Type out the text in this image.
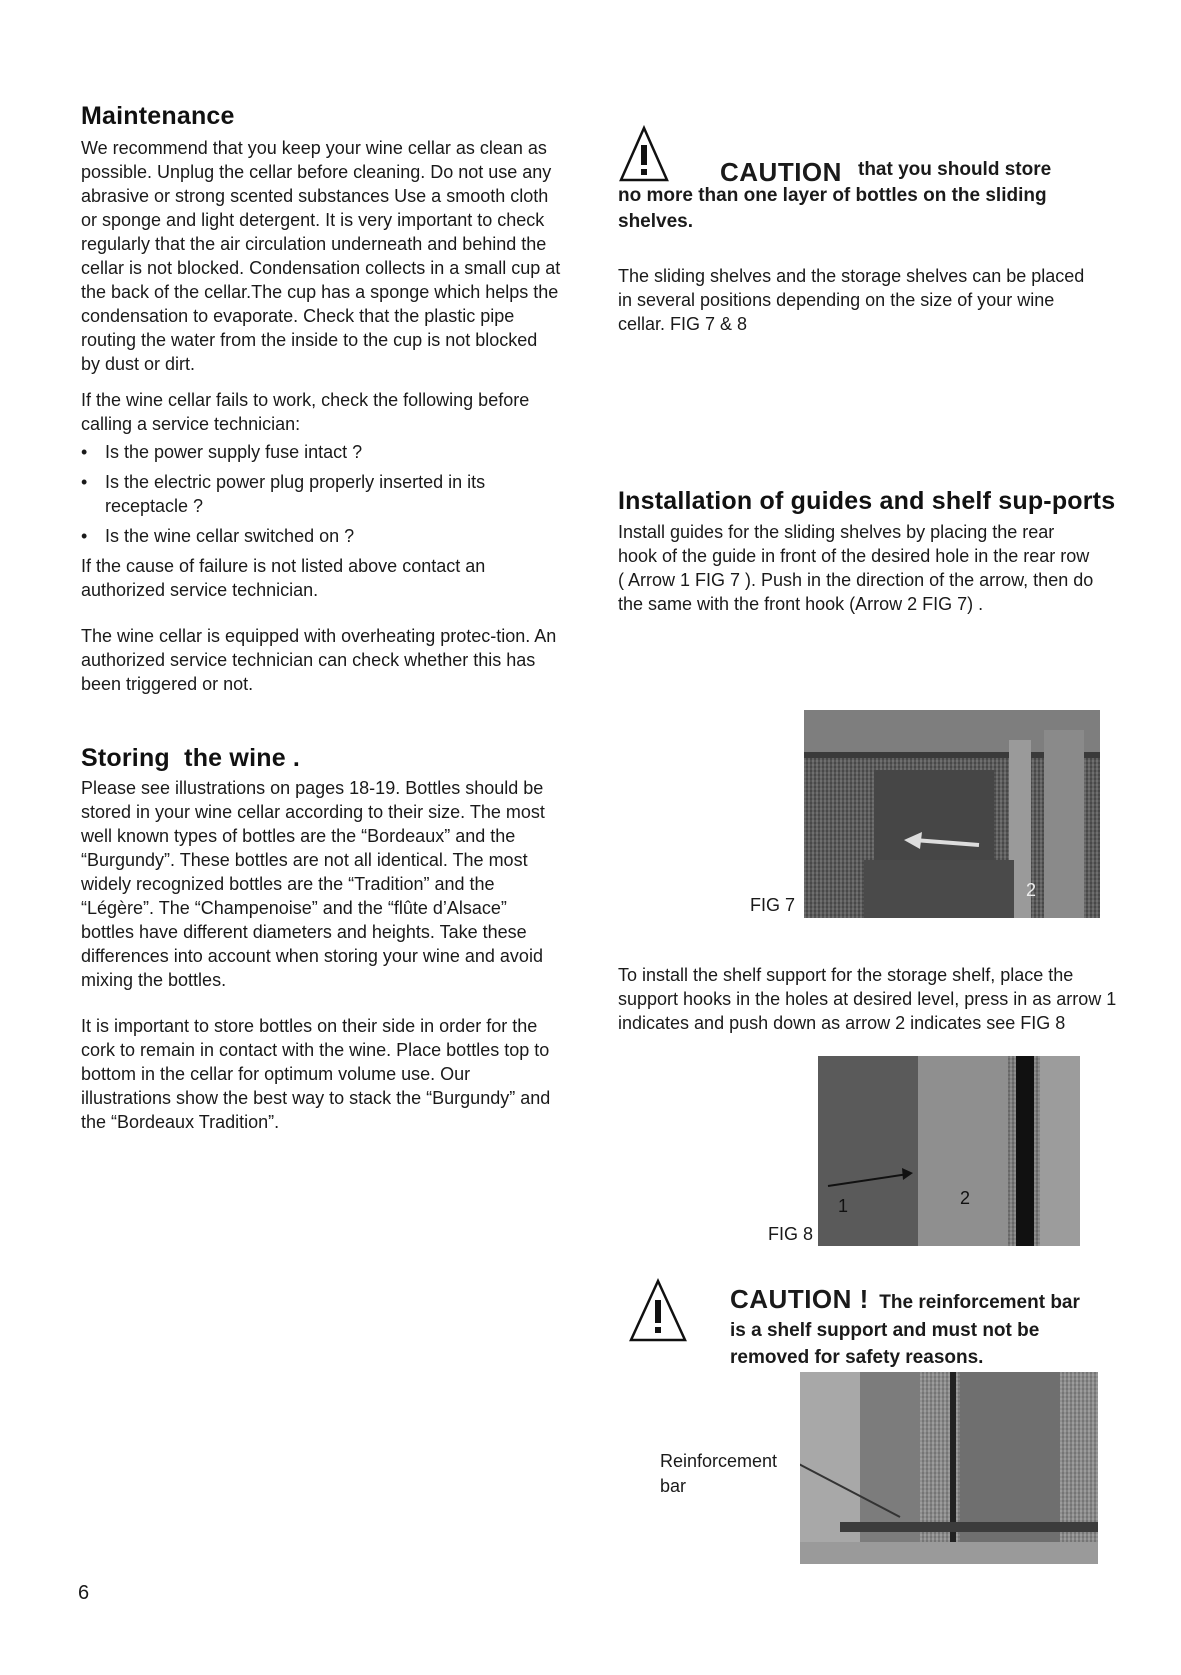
Maintenance

We recommend that you keep your wine cellar as clean as possible. Unplug the cellar before cleaning. Do not use any abrasive or strong scented substances Use a smooth cloth or sponge and light detergent. It is very important to check regularly that the air circulation underneath and behind the cellar is not blocked. Condensation collects in a small cup at the back of the cellar.The cup has a sponge which helps the condensation to evaporate. Check that the plastic pipe routing the water from the inside to the cup is not blocked by dust or dirt.

If the wine cellar fails to work, check the following before calling a service technician:

• Is the power supply fuse intact ?
• Is the electric power plug properly inserted in its receptacle ?
• Is the wine cellar switched on ?

If the cause of failure is not listed above contact an authorized service technician.

The wine cellar is equipped with overheating protec-tion. An authorized service technician can check whether this has been triggered or not.

Storing  the wine .

Please see illustrations on pages 18-19. Bottles should be stored in your wine cellar according to their size. The most well known types of bottles are the “Bordeaux” and the “Burgundy”. These bottles are not all identical. The most widely recognized bottles are the “Tradition” and the “Légère”. The “Champenoise” and the “flûte d’Alsace” bottles have different diameters and heights. Take these differences into account when storing your wine and avoid mixing the bottles.

It is important to store bottles on their side in order for the cork to remain in contact with the wine. Place bottles top to bottom in the cellar for optimum volume use. Our illustrations show the best way to stack the “Burgundy” and the “Bordeaux Tradition”.

CAUTION that you should store no more than one layer of bottles on the sliding shelves.

The sliding shelves and the storage shelves can be placed in several positions depending on the size of your wine cellar. FIG 7 & 8

Installation of guides and shelf sup-ports

Install guides for the sliding shelves by placing the rear hook of the guide in front of the desired hole in the rear row ( Arrow 1 FIG 7 ). Push in the direction of the arrow, then do the same with the front hook (Arrow 2 FIG 7) .

2
FIG 7

To install the shelf support for the storage shelf, place the support hooks in the holes at desired level, press in as arrow 1 indicates and push down as arrow 2 indicates see FIG 8

1	2
FIG 8
CAUTION ! The reinforcement bar
is a shelf support and must not be
removed for safety reasons.
Reinforcement
bar
6
